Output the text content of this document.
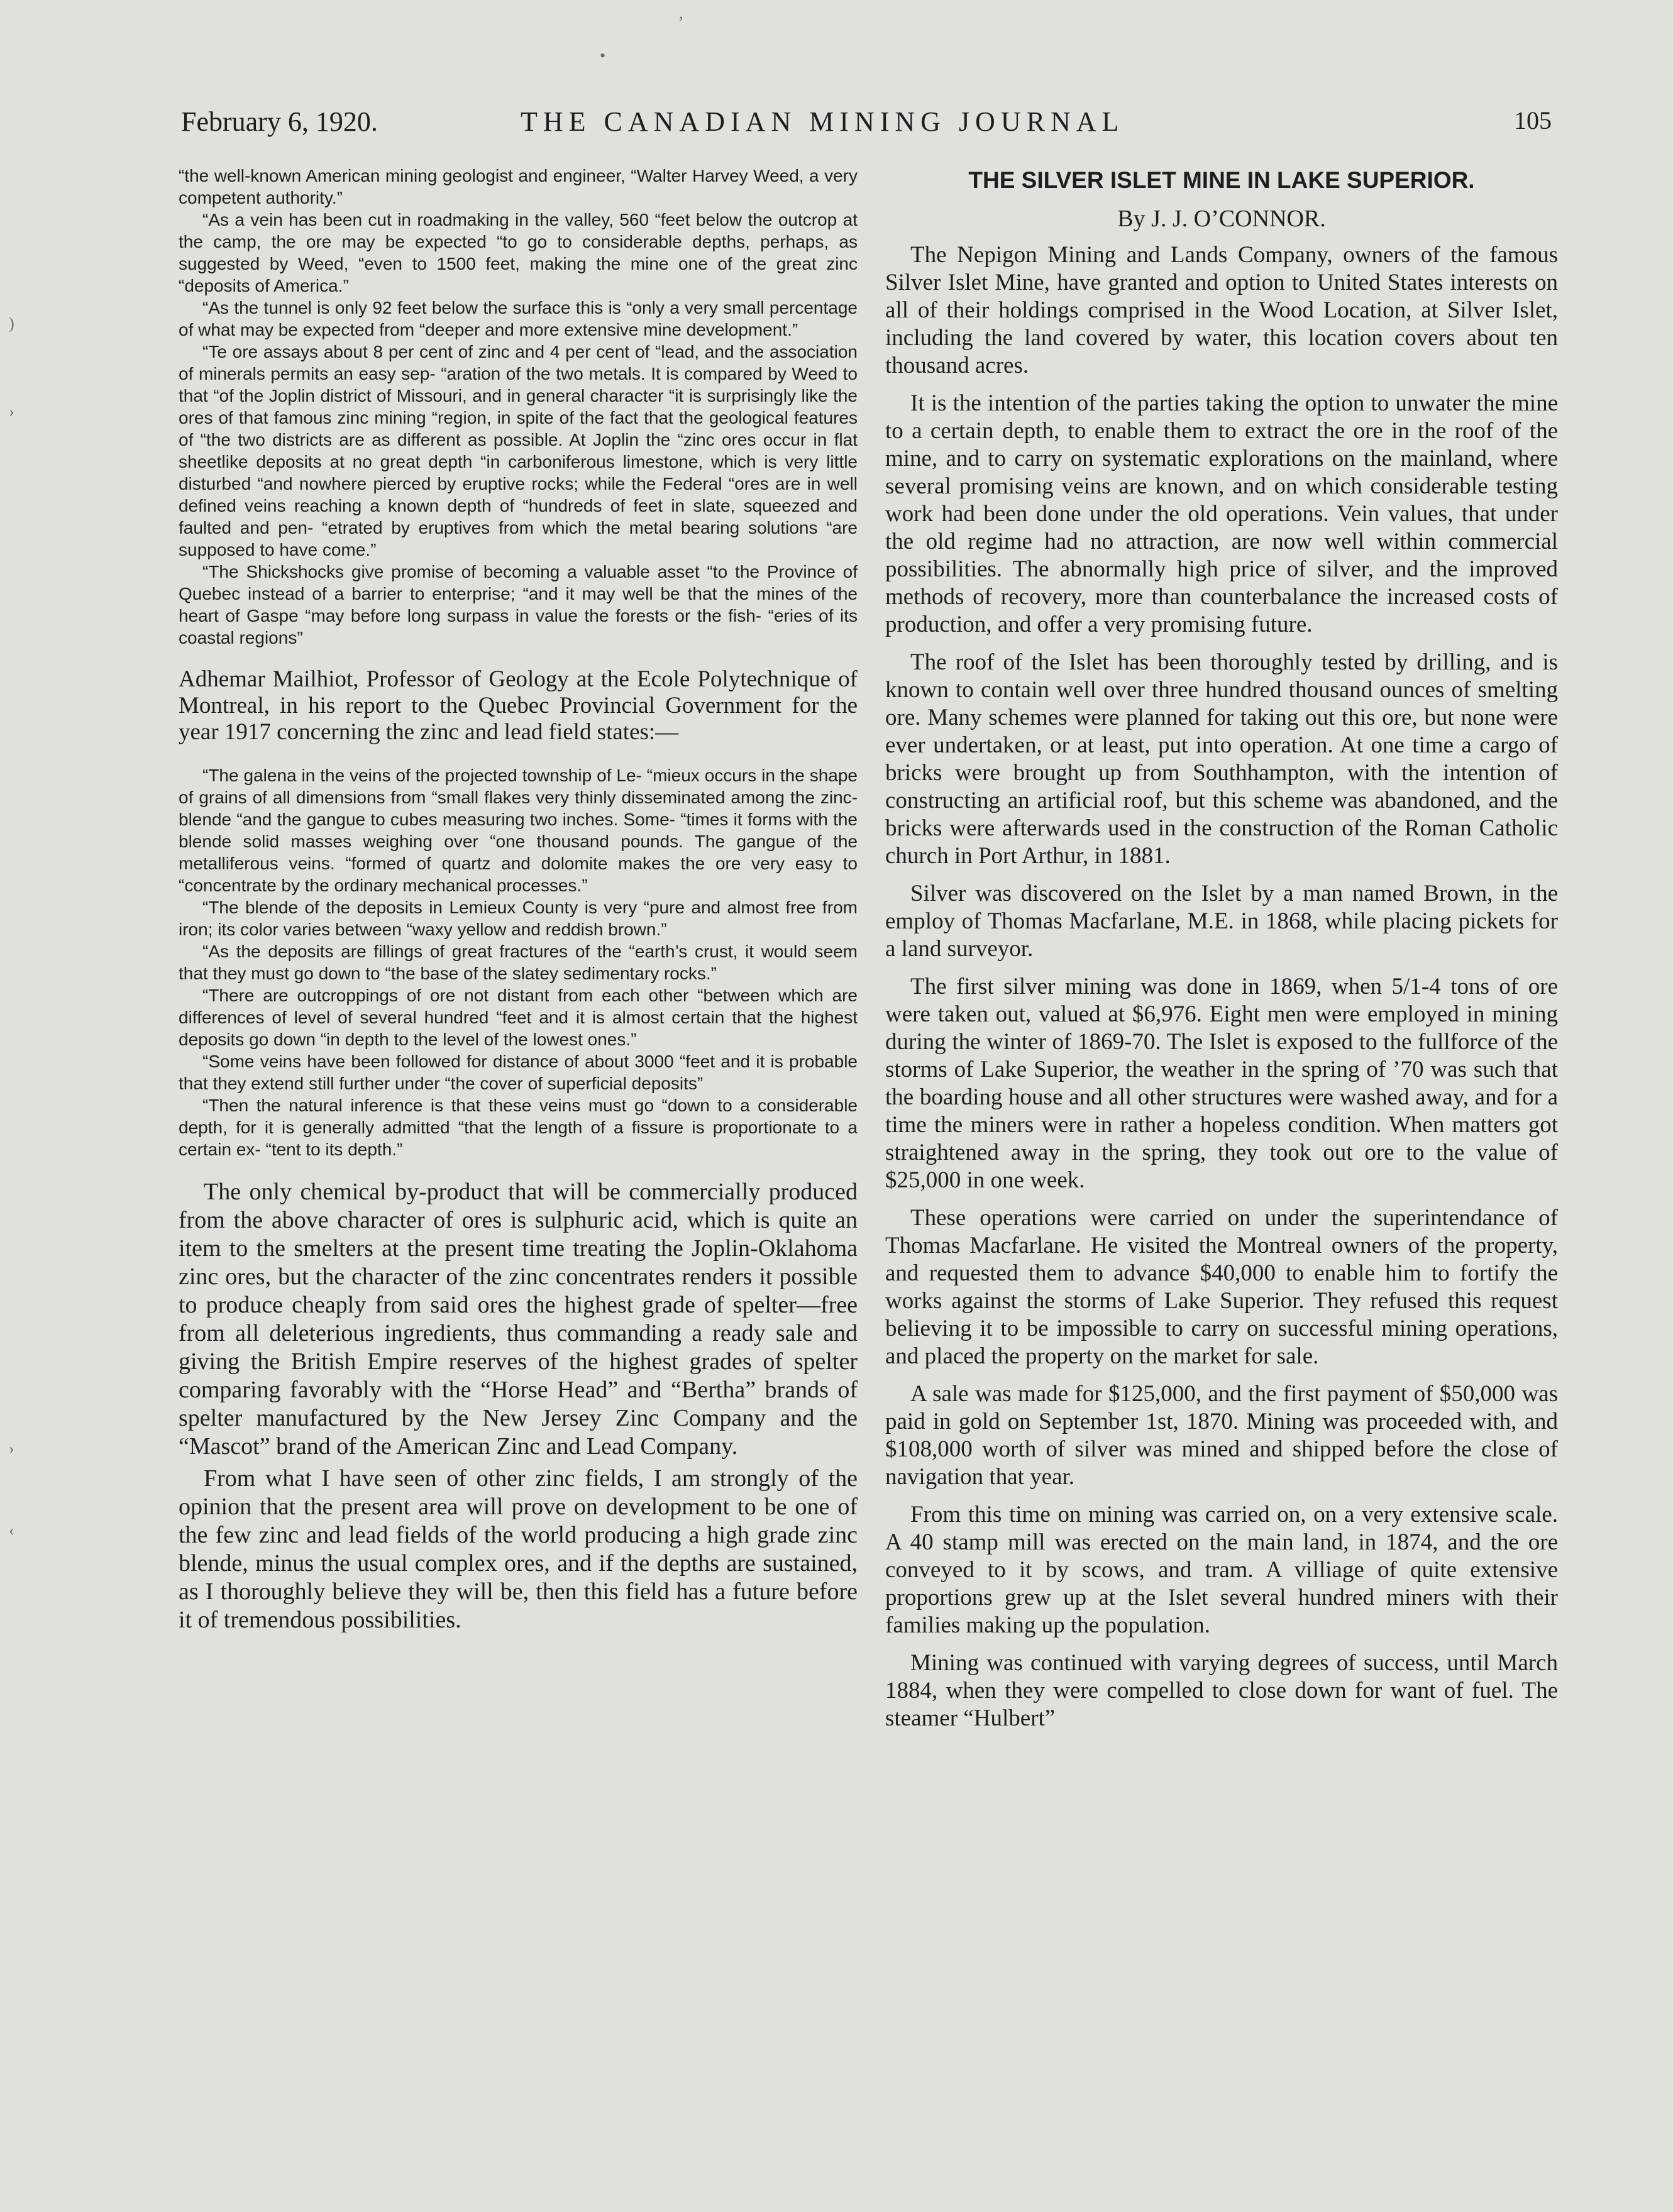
,
•
)
›
›
‹
February 6, 1920.	THE CANADIAN MINING JOURNAL	105

“the well-known American mining geologist and engineer, “Walter Harvey Weed, a very competent authority.”

“As a vein has been cut in roadmaking in the valley, 560 “feet below the outcrop at the camp, the ore may be expected “to go to considerable depths, perhaps, as suggested by Weed, “even to 1500 feet, making the mine one of the great zinc “deposits of America.”

“As the tunnel is only 92 feet below the surface this is “only a very small percentage of what may be expected from “deeper and more extensive mine development.”

“Te ore assays about 8 per cent of zinc and 4 per cent of “lead, and the association of minerals permits an easy sep- “aration of the two metals. It is compared by Weed to that “of the Joplin district of Missouri, and in general character “it is surprisingly like the ores of that famous zinc mining “region, in spite of the fact that the geological features of “the two districts are as different as possible. At Joplin the “zinc ores occur in flat sheetlike deposits at no great depth “in carboniferous limestone, which is very little disturbed “and nowhere pierced by eruptive rocks; while the Federal “ores are in well defined veins reaching a known depth of “hundreds of feet in slate, squeezed and faulted and pen- “etrated by eruptives from which the metal bearing solutions “are supposed to have come.”

“The Shickshocks give promise of becoming a valuable asset “to the Province of Quebec instead of a barrier to enterprise; “and it may well be that the mines of the heart of Gaspe “may before long surpass in value the forests or the fish- “eries of its coastal regions”

Adhemar Mailhiot, Professor of Geology at the Ecole Polytechnique of Montreal, in his report to the Quebec Provincial Government for the year 1917 concerning the zinc and lead field states:—

“The galena in the veins of the projected township of Le- “mieux occurs in the shape of grains of all dimensions from “small flakes very thinly disseminated among the zinc-blende “and the gangue to cubes measuring two inches. Some- “times it forms with the blende solid masses weighing over “one thousand pounds. The gangue of the metalliferous veins. “formed of quartz and dolomite makes the ore very easy to “concentrate by the ordinary mechanical processes.”

“The blende of the deposits in Lemieux County is very “pure and almost free from iron; its color varies between “waxy yellow and reddish brown.”

“As the deposits are fillings of great fractures of the “earth’s crust, it would seem that they must go down to “the base of the slatey sedimentary rocks.”

“There are outcroppings of ore not distant from each other “between which are differences of level of several hundred “feet and it is almost certain that the highest deposits go down “in depth to the level of the lowest ones.”

“Some veins have been followed for distance of about 3000 “feet and it is probable that they extend still further under “the cover of superficial deposits”

“Then the natural inference is that these veins must go “down to a considerable depth, for it is generally admitted “that the length of a fissure is proportionate to a certain ex- “tent to its depth.”

The only chemical by-product that will be commercially produced from the above character of ores is sulphuric acid, which is quite an item to the smelters at the present time treating the Joplin-Oklahoma zinc ores, but the character of the zinc concentrates renders it possible to produce cheaply from said ores the highest grade of spelter—free from all deleterious ingredients, thus commanding a ready sale and giving the British Empire reserves of the highest grades of spelter comparing favorably with the “Horse Head” and “Bertha” brands of spelter manufactured by the New Jersey Zinc Company and the “Mascot” brand of the American Zinc and Lead Company.

From what I have seen of other zinc fields, I am strongly of the opinion that the present area will prove on development to be one of the few zinc and lead fields of the world producing a high grade zinc blende, minus the usual complex ores, and if the depths are sustained, as I thoroughly believe they will be, then this field has a future before it of tremendous possibilities.

THE SILVER ISLET MINE IN LAKE SUPERIOR.
By J. J. O’CONNOR.

The Nepigon Mining and Lands Company, owners of the famous Silver Islet Mine, have granted and option to United States interests on all of their holdings comprised in the Wood Location, at Silver Islet, including the land covered by water, this location covers about ten thousand acres.

It is the intention of the parties taking the option to unwater the mine to a certain depth, to enable them to extract the ore in the roof of the mine, and to carry on systematic explorations on the mainland, where several promising veins are known, and on which considerable testing work had been done under the old operations. Vein values, that under the old regime had no attraction, are now well within commercial possibilities. The abnormally high price of silver, and the improved methods of recovery, more than counterbalance the increased costs of production, and offer a very promising future.

The roof of the Islet has been thoroughly tested by drilling, and is known to contain well over three hundred thousand ounces of smelting ore. Many schemes were planned for taking out this ore, but none were ever undertaken, or at least, put into operation. At one time a cargo of bricks were brought up from Southhampton, with the intention of constructing an artificial roof, but this scheme was abandoned, and the bricks were afterwards used in the construction of the Roman Catholic church in Port Arthur, in 1881.

Silver was discovered on the Islet by a man named Brown, in the employ of Thomas Macfarlane, M.E. in 1868, while placing pickets for a land surveyor.

The first silver mining was done in 1869, when 5/1-4 tons of ore were taken out, valued at $6,976. Eight men were employed in mining during the winter of 1869-70. The Islet is exposed to the fullforce of the storms of Lake Superior, the weather in the spring of ’70 was such that the boarding house and all other structures were washed away, and for a time the miners were in rather a hopeless condition. When matters got straightened away in the spring, they took out ore to the value of $25,000 in one week.

These operations were carried on under the superintendance of Thomas Macfarlane. He visited the Montreal owners of the property, and requested them to advance $40,000 to enable him to fortify the works against the storms of Lake Superior. They refused this request believing it to be impossible to carry on successful mining operations, and placed the property on the market for sale.

A sale was made for $125,000, and the first payment of $50,000 was paid in gold on September 1st, 1870. Mining was proceeded with, and $108,000 worth of silver was mined and shipped before the close of navigation that year.

From this time on mining was carried on, on a very extensive scale. A 40 stamp mill was erected on the main land, in 1874, and the ore conveyed to it by scows, and tram. A villiage of quite extensive proportions grew up at the Islet several hundred miners with their families making up the population.

Mining was continued with varying degrees of success, until March 1884, when they were compelled to close down for want of fuel. The steamer “Hulbert”
